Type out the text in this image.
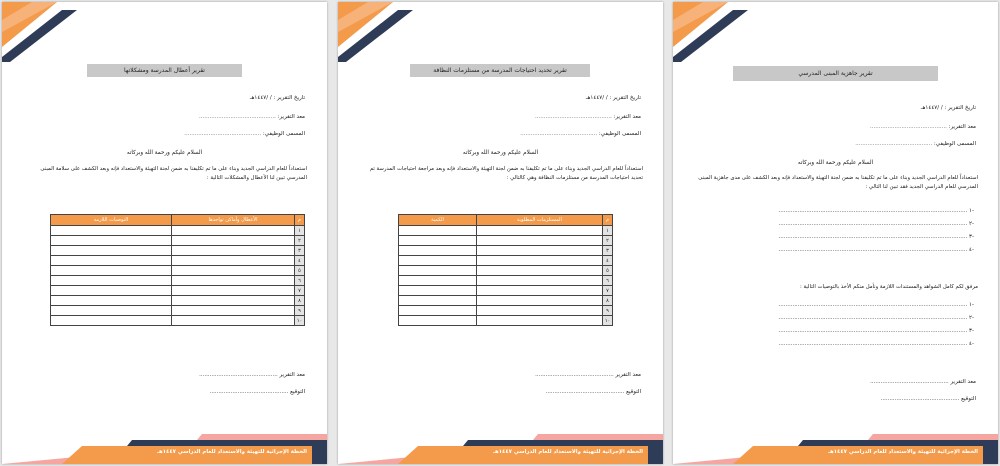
تقرير أعطال المدرسة ومشكلاتها
تاريخ التقرير : / /١٤٤٧هـ
معد التقرير: ............................................
المسمى الوظيفي: ............................................
السلام عليكم ورحمة الله وبركاته
استعداداً للعام الدراسي الجديد وبناء على ما تم تكليفنا به ضمن لجنة التهيئة والاستعداد فإنه وبعد الكشف على سلامة المبنى المدرسي تبين لنا الأعطال والمشكلات التالية :
م	الأعطال وأماكن تواجدها	التوصيات اللازمة
١		
٢		
٣		
٤		
٥		
٦		
٧		
٨		
٩		
١٠		
معد التقرير .............................................
التوقيع .............................................
الخطة الإجرائية للتهيئة والاستعداد للعام الدراسي ١٤٤٧هـ
تقرير تحديد احتياجات المدرسة من مستلزمات النظافة
تاريخ التقرير : / /١٤٤٧هـ
معد التقرير: ............................................
المسمى الوظيفي: ............................................
السلام عليكم ورحمة الله وبركاته
استعداداً للعام الدراسي الجديد وبناء على ما تم تكليفنا به ضمن لجنة التهيئة والاستعداد فإنه وبعد مراجعة احتياجات المدرسة تم تحديد احتياجات المدرسة من مستلزمات النظافة وهي كالتالي :
م	المستلزمات المطلوبة	الكمية
١		
٢		
٣		
٤		
٥		
٦		
٧		
٨		
٩		
١٠		
معد التقرير .............................................
التوقيع .............................................
الخطة الإجرائية للتهيئة والاستعداد للعام الدراسي ١٤٤٧هـ
تقرير جاهزية المبنى المدرسي
تاريخ التقرير : / /١٤٤٧هـ
معد التقرير: ............................................
المسمى الوظيفي: ............................................
السلام عليكم ورحمة الله وبركاته
استعداداً للعام الدراسي الجديد وبناء على ما تم تكليفنا به ضمن لجنة التهيئة والاستعداد فإنه وبعد الكشف على مدى جاهزية المبنى المدرسي للعام الدراسي الجديد فقد تبين لنا التالي :
-١ ............................................................................................................
-٢ ............................................................................................................
-٣ ............................................................................................................
-٤ ............................................................................................................
مرفق لكم كامل الشواهد والمستندات اللازمة ونأمل منكم الأخذ بالتوصيات التالية :
-١ ............................................................................................................
-٢ ............................................................................................................
-٣ ............................................................................................................
-٤ ............................................................................................................
معد التقرير .............................................
التوقيع .............................................
الخطة الإجرائية للتهيئة والاستعداد للعام الدراسي ١٤٤٧هـ
